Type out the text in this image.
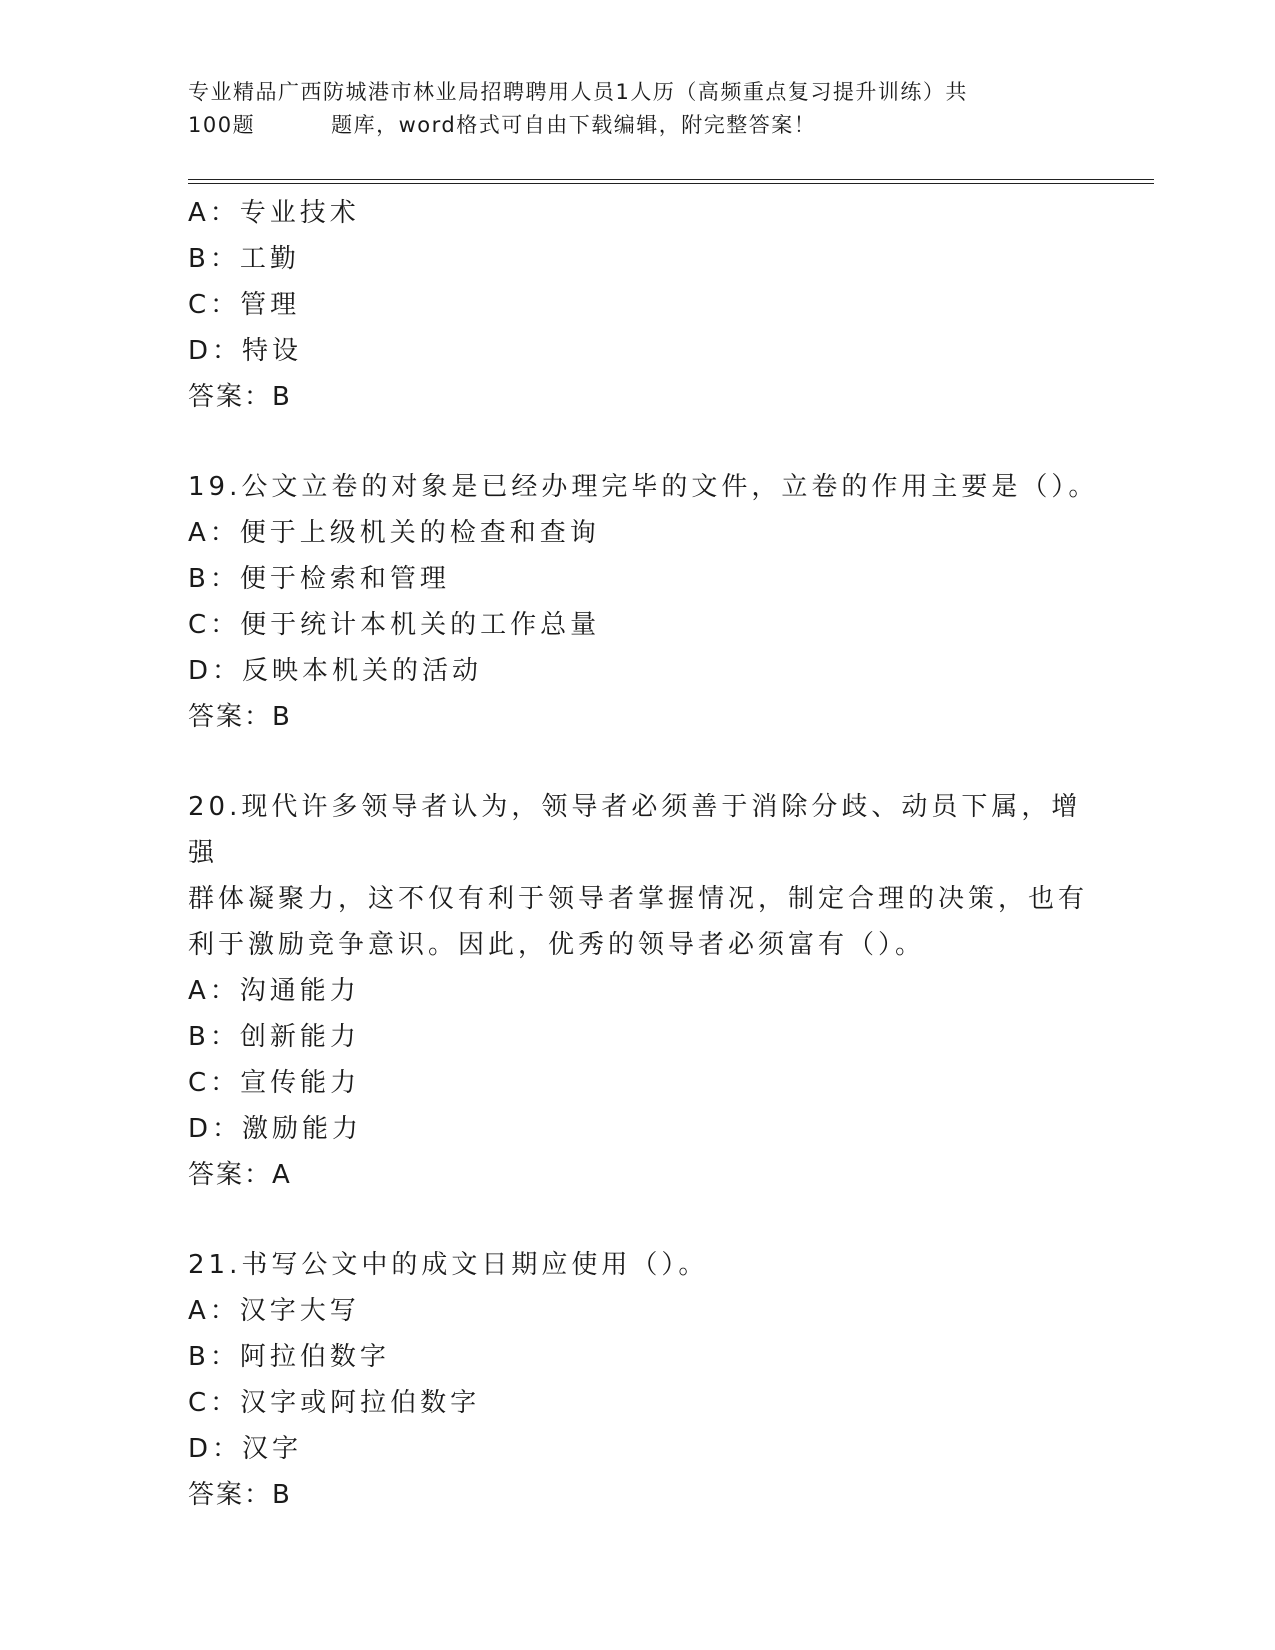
专业精品广西防城港市林业局招聘聘用人员1人历（高频重点复习提升训练）共
100题	题库，word格式可自由下载编辑，附完整答案！
A：专业技术
B：工勤
C：管理
D：特设
答案：B
19.公文立卷的对象是已经办理完毕的文件，立卷的作用主要是（）。
A：便于上级机关的检查和查询
B：便于检索和管理
C：便于统计本机关的工作总量
D：反映本机关的活动
答案：B
20.现代许多领导者认为，领导者必须善于消除分歧、动员下属，增强
群体凝聚力，这不仅有利于领导者掌握情况，制定合理的决策，也有
利于激励竞争意识。因此，优秀的领导者必须富有（）。
A：沟通能力
B：创新能力
C：宣传能力
D：激励能力
答案：A
21.书写公文中的成文日期应使用（）。
A：汉字大写
B：阿拉伯数字
C：汉字或阿拉伯数字
D：汉字
答案：B
